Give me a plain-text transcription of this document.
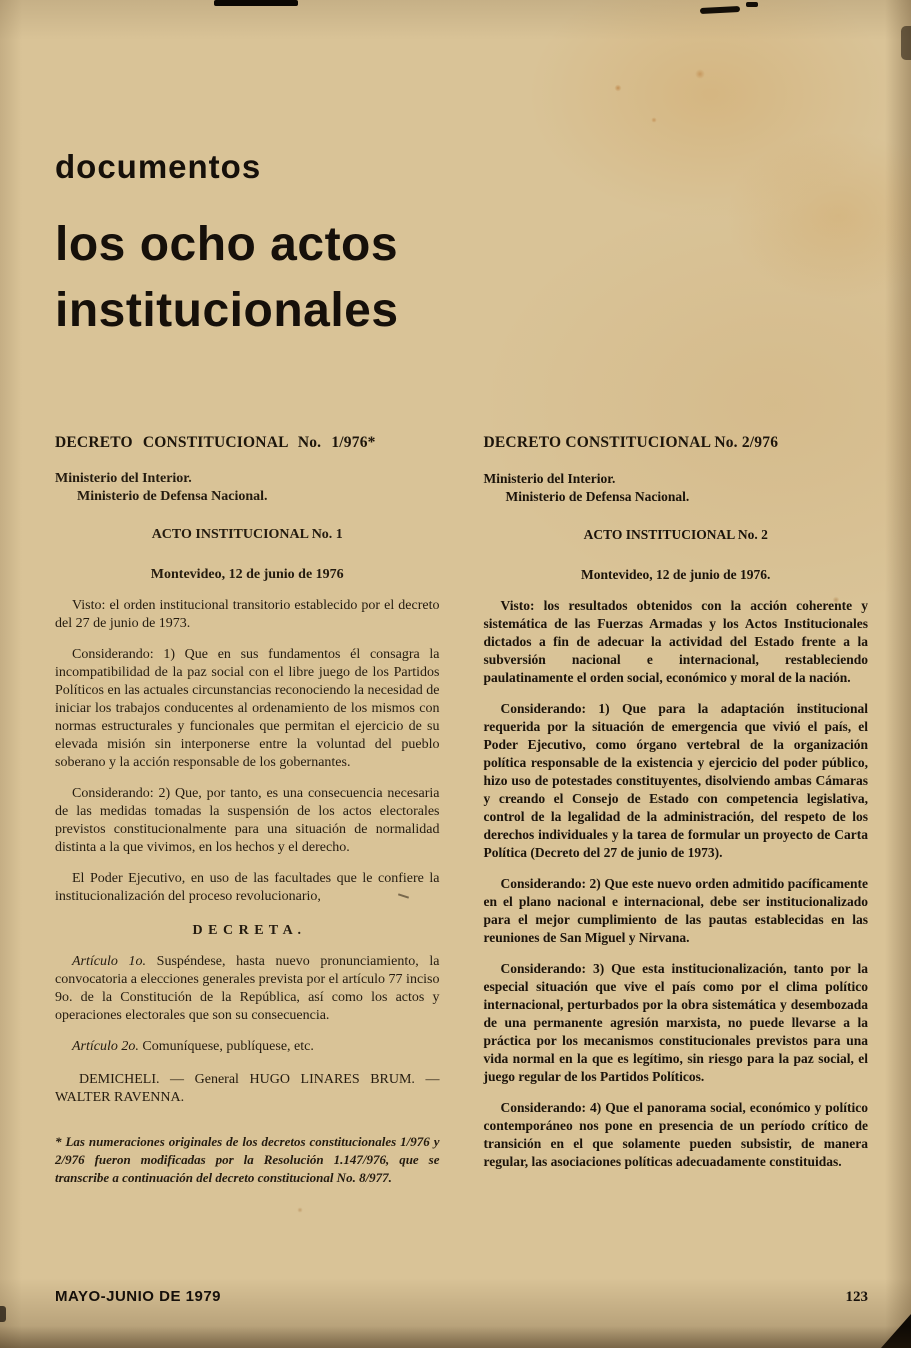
documentos
los ocho actos
institucionales
DECRETO CONSTITUCIONAL No. 1/976*

Ministerio del Interior.

Ministerio de Defensa Nacional.

ACTO INSTITUCIONAL No. 1

Montevideo, 12 de junio de 1976

Visto: el orden institucional transitorio establecido por el decreto del 27 de junio de 1973.

Considerando: 1) Que en sus fundamentos él consagra la incompatibilidad de la paz social con el libre juego de los Partidos Políticos en las actuales circunstancias reconociendo la necesidad de iniciar los trabajos conducentes al ordenamiento de los mismos con normas estructurales y funcionales que permitan el ejercicio de su elevada misión sin interponerse entre la voluntad del pueblo soberano y la acción responsable de los gobernantes.

Considerando: 2) Que, por tanto, es una consecuencia necesaria de las medidas tomadas la suspensión de los actos electorales previstos constitucionalmente para una situación de normalidad distinta a la que vivimos, en los hechos y el derecho.

El Poder Ejecutivo, en uso de las facultades que le confiere la institucionalización del proceso revolucionario,

D E C R E T A .

Artículo 1o. Suspéndese, hasta nuevo pronunciamiento, la convocatoria a elecciones generales prevista por el artículo 77 inciso 9o. de la Constitución de la República, así como los actos y operaciones electorales que son su consecuencia.

Artículo 2o. Comuníquese, publíquese, etc.

DEMICHELI. — General HUGO LINARES BRUM. — WALTER RAVENNA.

* Las numeraciones originales de los decretos constitucionales 1/976 y 2/976 fueron modificadas por la Resolución 1.147/976, que se transcribe a continuación del decreto constitucional No. 8/977.

DECRETO CONSTITUCIONAL No. 2/976

Ministerio del Interior.

Ministerio de Defensa Nacional.

ACTO INSTITUCIONAL No. 2

Montevideo, 12 de junio de 1976.

Visto: los resultados obtenidos con la acción coherente y sistemática de las Fuerzas Armadas y los Actos Institucionales dictados a fin de adecuar la actividad del Estado frente a la subversión nacional e internacional, restableciendo paulatinamente el orden social, económico y moral de la nación.

Considerando: 1) Que para la adaptación institucional requerida por la situación de emergencia que vivió el país, el Poder Ejecutivo, como órgano vertebral de la organización política responsable de la existencia y ejercicio del poder público, hizo uso de potestades constituyentes, disolviendo ambas Cámaras y creando el Consejo de Estado con competencia legislativa, control de la legalidad de la administración, del respeto de los derechos individuales y la tarea de formular un proyecto de Carta Política (Decreto del 27 de junio de 1973).

Considerando: 2) Que este nuevo orden admitido pacíficamente en el plano nacional e internacional, debe ser institucionalizado para el mejor cumplimiento de las pautas establecidas en las reuniones de San Miguel y Nirvana.

Considerando: 3) Que esta institucionalización, tanto por la especial situación que vive el país como por el clima político internacional, perturbados por la obra sistemática y desembozada de una permanente agresión marxista, no puede llevarse a la práctica por los mecanismos constitucionales previstos para una vida normal en la que es legítimo, sin riesgo para la paz social, el juego regular de los Partidos Políticos.

Considerando: 4) Que el panorama social, económico y político contemporáneo nos pone en presencia de un período crítico de transición en el que solamente pueden subsistir, de manera regular, las asociaciones políticas adecuadamente constituidas.

MAYO-JUNIO DE 1979	123
